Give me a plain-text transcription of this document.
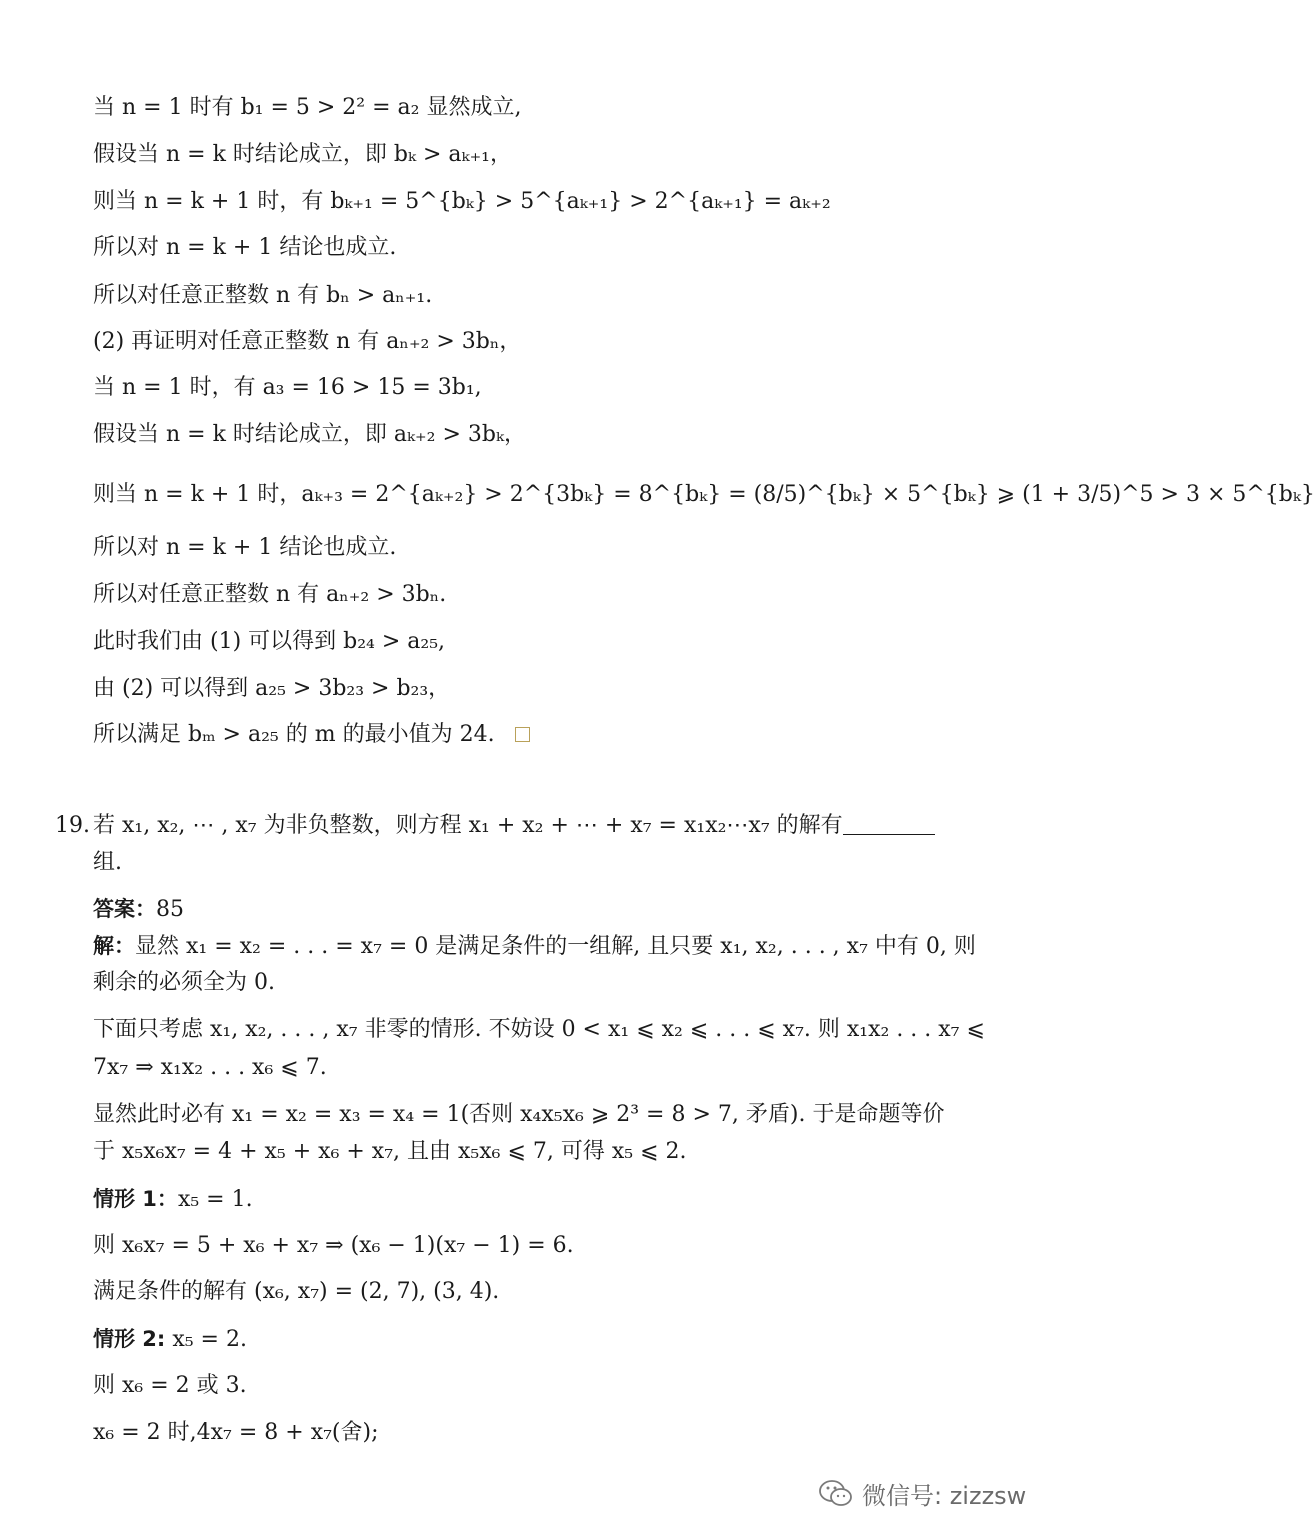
当 n = 1 时有 b₁ = 5 > 2² = a₂ 显然成立,
假设当 n = k 时结论成立，即 bₖ > aₖ₊₁，
则当 n = k + 1 时，有 bₖ₊₁ = 5^{bₖ} > 5^{aₖ₊₁} > 2^{aₖ₊₁} = aₖ₊₂
所以对 n = k + 1 结论也成立.
所以对任意正整数 n 有 bₙ > aₙ₊₁.
(2) 再证明对任意正整数 n 有 aₙ₊₂ > 3bₙ，
当 n = 1 时，有 a₃ = 16 > 15 = 3b₁,
假设当 n = k 时结论成立，即 aₖ₊₂ > 3bₖ，
则当 n = k + 1 时，aₖ₊₃ = 2^{aₖ₊₂} > 2^{3bₖ} = 8^{bₖ} = (8/5)^{bₖ} × 5^{bₖ} ⩾ (1 + 3/5)^5 > 3 × 5^{bₖ}
所以对 n = k + 1 结论也成立.
所以对任意正整数 n 有 aₙ₊₂ > 3bₙ.
此时我们由 (1) 可以得到 b₂₄ > a₂₅,
由 (2) 可以得到 a₂₅ > 3b₂₃ > b₂₃，
所以满足 bₘ > a₂₅ 的 m 的最小值为 24.
19. 若 x₁, x₂, ⋯ , x₇ 为非负整数，则方程 x₁ + x₂ + ⋯ + x₇ = x₁x₂⋯x₇ 的解有
组.
答案：85
解：显然 x₁ = x₂ = . . . = x₇ = 0 是满足条件的一组解, 且只要 x₁, x₂, . . . , x₇ 中有 0, 则
剩余的必须全为 0.
下面只考虑 x₁, x₂, . . . , x₇ 非零的情形. 不妨设 0 < x₁ ⩽ x₂ ⩽ . . . ⩽ x₇. 则 x₁x₂ . . . x₇ ⩽
7x₇ ⇒ x₁x₂ . . . x₆ ⩽ 7.
显然此时必有 x₁ = x₂ = x₃ = x₄ = 1(否则 x₄x₅x₆ ⩾ 2³ = 8 > 7, 矛盾). 于是命题等价
于 x₅x₆x₇ = 4 + x₅ + x₆ + x₇, 且由 x₅x₆ ⩽ 7, 可得 x₅ ⩽ 2.
情形 1：x₅ = 1.
则 x₆x₇ = 5 + x₆ + x₇ ⇒ (x₆ − 1)(x₇ − 1) = 6.
满足条件的解有 (x₆, x₇) = (2, 7), (3, 4).
情形 2: x₅ = 2.
则 x₆ = 2 或 3.
x₆ = 2 时,4x₇ = 8 + x₇(舍);
微信号: zizzsw
